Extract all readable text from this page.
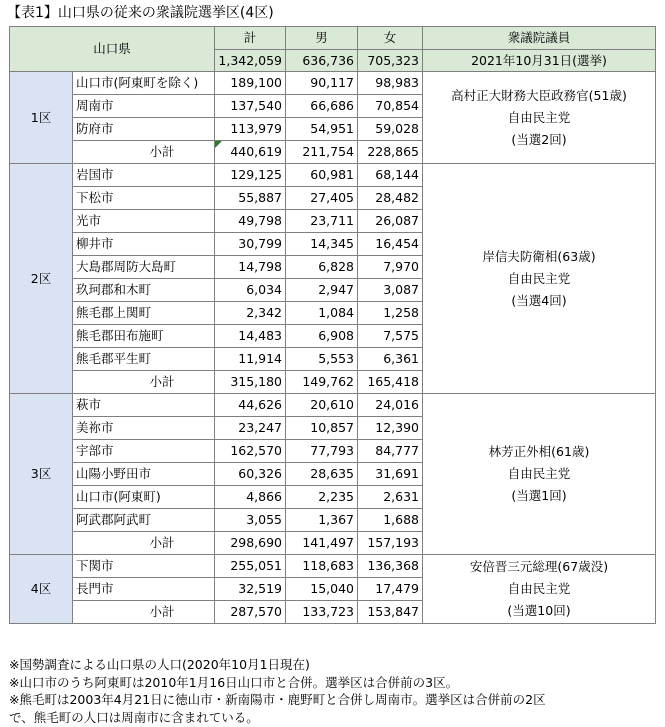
【表1】山口県の従来の衆議院選挙区(4区)
山口県		計	男	女	衆議院議員
		1,342,059	636,736	705,323	2021年10月31日(選挙)
1区	山口市(阿東町を除く)	189,100	90,117	98,983	高村正大財務大臣政務官(51歳)
自由民主党
(当選2回)

	周南市	137,540	66,686	70,854	
	防府市	113,979	54,951	59,028	
	小計	440,619	211,754	228,865	
2区	岩国市	129,125	60,981	68,144	岸信夫防衛相(63歳)
自由民主党
(当選4回)

	下松市	55,887	27,405	28,482	
	光市	49,798	23,711	26,087	
	柳井市	30,799	14,345	16,454	
	大島郡周防大島町	14,798	6,828	7,970	
	玖珂郡和木町	6,034	2,947	3,087	
	熊毛郡上関町	2,342	1,084	1,258	
	熊毛郡田布施町	14,483	6,908	7,575	
	熊毛郡平生町	11,914	5,553	6,361	
	小計	315,180	149,762	165,418	
3区	萩市	44,626	20,610	24,016	林芳正外相(61歳)
自由民主党
(当選1回)

	美祢市	23,247	10,857	12,390	
	宇部市	162,570	77,793	84,777	
	山陽小野田市	60,326	28,635	31,691	
	山口市(阿東町)	4,866	2,235	2,631	
	阿武郡阿武町	3,055	1,367	1,688	
	小計	298,690	141,497	157,193	
4区	下関市	255,051	118,683	136,368	安倍晋三元総理(67歳没)
自由民主党
(当選10回)

	長門市	32,519	15,040	17,479	
	小計	287,570	133,723	153,847	
※国勢調査による山口県の人口(2020年10月1日現在)
※山口市のうち阿東町は2010年1月16日山口市と合併。選挙区は合併前の3区。
※熊毛町は2003年4月21日に徳山市・新南陽市・鹿野町と合併し周南市。選挙区は合併前の2区
で、熊毛町の人口は周南市に含まれている。
